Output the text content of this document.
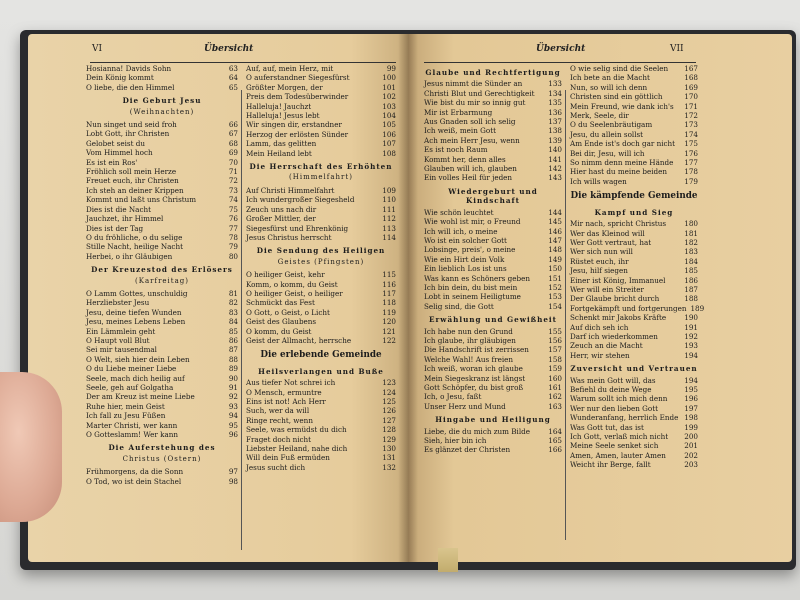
VI	Übersicht
Hosianna! Davids Sohn	63
Dein König kommt	64
O liebe, die den Himmel	65
Die Geburt Jesu
(Weihnachten)
Nun singet und seid froh	66
Lobt Gott, ihr Christen	67
Gelobet seist du	68
Vom Himmel hoch	69
Es ist ein Ros'	70
Fröhlich soll mein Herze	71
Freuet euch, ihr Christen	72
Ich steh an deiner Krippen	73
Kommt und laßt uns Christum	74
Dies ist die Nacht	75
Jauchzet, ihr Himmel	76
Dies ist der Tag	77
O du fröhliche, o du selige	78
Stille Nacht, heilige Nacht	79
Herbei, o ihr Gläubigen	80
Der Kreuzestod des Erlösers
(Karfreitag)
O Lamm Gottes, unschuldig	81
Herzliebster Jesu	82
Jesu, deine tiefen Wunden	83
Jesu, meines Lebens Leben	84
Ein Lämmlein geht	85
O Haupt voll Blut	86
Sei mir tausendmal	87
O Welt, sieh hier dein Leben	88
O du Liebe meiner Liebe	89
Seele, mach dich heilig auf	90
Seele, geh auf Golgatha	91
Der am Kreuz ist meine Liebe	92
Ruhe hier, mein Geist	93
Ich fall zu Jesu Füßen	94
Marter Christi, wer kann	95
O Gotteslamm! Wer kann	96
Die Auferstehung des
Christus (Ostern)
Frühmorgens, da die Sonn	97
O Tod, wo ist dein Stachel	98
Auf, auf, mein Herz, mit	99
O auferstandner Siegesfürst	100
Größter Morgen, der	101
Preis dem Todesüberwinder	102
Halleluja! Jauchzt	103
Halleluja! Jesus lebt	104
Wir singen dir, erstandner	105
Herzog der erlösten Sünder	106
Lamm, das gelitten	107
Mein Heiland lebt	108
Die Herrschaft des Erhöhten
(Himmelfahrt)
Auf Christi Himmelfahrt	109
Ich wundergroßer Siegesheld	110
Zeuch uns nach dir	111
Großer Mittler, der	112
Siegesfürst und Ehrenkönig	113
Jesus Christus herrscht	114
Die Sendung des Heiligen
Geistes (Pfingsten)
O heiliger Geist, kehr	115
Komm, o komm, du Geist	116
O heiliger Geist, o heiliger	117
Schmückt das Fest	118
O Gott, o Geist, o Licht	119
Geist des Glaubens	120
O komm, du Geist	121
Geist der Allmacht, herrsche	122
Die erlebende Gemeinde
Heilsverlangen und Buße
Aus tiefer Not schrei ich	123
O Mensch, ermuntre	124
Eins ist not! Ach Herr	125
Such, wer da will	126
Ringe recht, wenn	127
Seele, was ermüdst du dich	128
Fraget doch nicht	129
Liebster Heiland, nahe dich	130
Will dein Fuß ermüden	131
Jesus sucht dich	132
Übersicht	VII
Glaube und Rechtfertigung
Jesus nimmt die Sünder an	133
Christi Blut und Gerechtigkeit 134
Wie bist du mir so innig gut	135
Mir ist Erbarmung	136
Aus Gnaden soll ich selig	137
Ich weiß, mein Gott	138
Ach mein Herr Jesu, wenn	139
Es ist noch Raum	140
Kommt her, denn alles	141
Glauben will ich, glauben	142
Ein volles Heil für jeden	143
Wiedergeburt und Kindschaft
Wie schön leuchtet	144
Wie wohl ist mir, o Freund	145
Ich will ich, o meine	146
Wo ist ein solcher Gott	147
Lobsinge, preis', o meine	148
Wie ein Hirt dein Volk	149
Ein lieblich Los ist uns	150
Was kann es Schöners geben	151
Ich bin dein, du bist mein	152
Lobt in seinem Heiligtume	153
Selig sind, die Gott	154
Erwählung und Gewißheit
Ich habe nun den Grund	155
Ich glaube, ihr gläubigen	156
Die Handschrift ist zerrissen	157
Welche Wahl! Aus freien	158
Ich weiß, woran ich glaube	159
Mein Siegeskranz ist längst	160
Gott Schöpfer, du bist groß	161
Ich, o Jesu, faßt	162
Unser Herz und Mund	163
Hingabe und Heiligung
Liebe, die du mich zum Bilde	164
Sieh, hier bin ich	165
Es glänzet der Christen	166
O wie selig sind die Seelen 167
Ich bete an die Macht	168
Nun, so will ich denn	169
Christen sind ein göttlich	170
Mein Freund, wie dank ich's 171
Merk, Seele, dir	172
O du Seelenbräutigam	173
Jesu, du allein sollst	174
Am Ende ist's doch gar nicht 175
Bei dir, Jesu, will ich	176
So nimm denn meine Hände 177
Hier hast du meine beiden 178
Ich wills wagen	179
Die kämpfende Gemeinde
Kampf und Sieg
Mir nach, spricht Christus	180
Wer das Kleinod will	181
Wer Gott vertraut, hat	182
Wer sich nun will	183
Rüstet euch, ihr	184
Jesu, hilf siegen	185
Einer ist König, Immanuel	186
Wer will ein Streiter	187
Der Glaube bricht durch	188
Fortgekämpft und fortgerungen 189
Schenkt mir Jakobs Kräfte	190
Auf dich seh ich	191
Darf ich wiederkommen	192
Zeuch an die Macht	193
Herr, wir stehen	194
Zuversicht und Vertrauen
Was mein Gott will, das	194
Befiehl du deine Wege	195
Warum sollt ich mich denn 196
Wer nur den lieben Gott	197
Wunderanfang, herrlich Ende 198
Was Gott tut, das ist	199
Ich Gott, verlaß mich nicht 200
Meine Seele senket sich	201
Amen, Amen, lauter Amen	202
Weicht ihr Berge, fallt	203
